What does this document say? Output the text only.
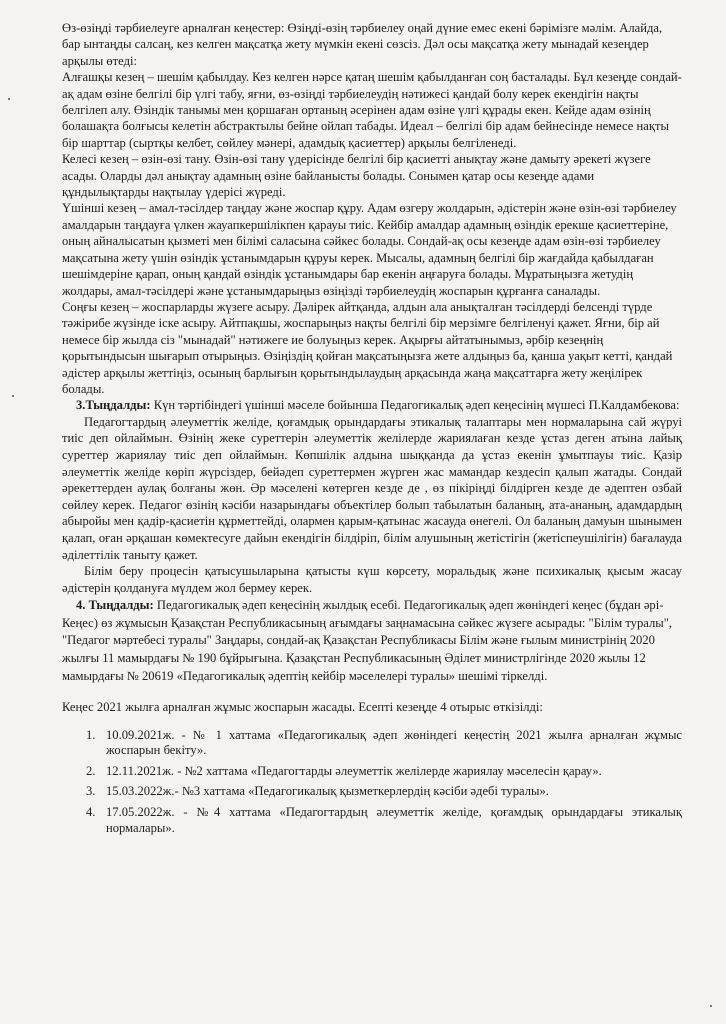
Өз-өзіңді тәрбиелеуге арналған кеңестер: Өзіңді-өзің тәрбиелеу оңай дүние емес екені бәрімізге мәлім. Алайда, бар ынтаңды салсаң, кез келген мақсатқа жету мүмкін екені сөзсіз. Дәл осы мақсатқа жету мынадай кезеңдер арқылы өтеді:

Алғашқы кезең – шешім қабылдау. Кез келген нәрсе қатаң шешім қабылданған соң басталады. Бұл кезеңде сондай-ақ адам өзіне белгілі бір үлгі табу, яғни, өз-өзіңді тәрбиелеудің нәтижесі қандай болу керек екендігін нақты белгілеп алу. Өзіндік танымы мен қоршаған ортаның әсерінен адам өзіне үлгі құрады екен. Кейде адам өзінің болашақта болғысы келетін абстрактылы бейне ойлап табады. Идеал – белгілі бір адам бейнесінде немесе нақты бір шарттар (сыртқы келбет, сөйлеу мәнері, адамдық қасиеттер) арқылы белгіленеді.

Келесі кезең – өзін-өзі тану. Өзін-өзі тану үдерісінде белгілі бір қасиетті анықтау және дамыту әрекеті жүзеге асады. Оларды дәл анықтау адамның өзіне байланысты болады. Сонымен қатар осы кезеңде адами құндылықтарды нақтылау үдерісі жүреді.

Үшінші кезең – амал-тәсілдер таңдау және жоспар құру. Адам өзгеру жолдарын, әдістерін және өзін-өзі тәрбиелеу амалдарын таңдауға үлкен жауапкершілікпен қарауы тиіс. Кейбір амалдар адамның өзіндік ерекше қасиеттеріне, оның айналысатын қызметі мен білімі саласына сәйкес болады. Сондай-ақ осы кезеңде адам өзін-өзі тәрбиелеу мақсатына жету үшін өзіндік ұстанымдарын құруы керек. Мысалы, адамның белгілі бір жағдайда қабылдаған шешімдеріне қарап, оның қандай өзіндік ұстанымдары бар екенін аңғаруға болады. Мұратыңызға жетудің жолдары, амал-тәсілдері және ұстанымдарыңыз өзіңізді тәрбиелеудің жоспарын құрғанға саналады.

Соңғы кезең – жоспарларды жүзеге асыру. Дәлірек айтқанда, алдын ала анықталған тәсілдерді белсенді түрде тәжірибе жүзінде іске асыру. Айтпақшы, жоспарыңыз нақты белгілі бір мерзімге белгіленуі қажет. Яғни, бір ай немесе бір жылда сіз "мынадай" нәтижеге ие болуыңыз керек. Ақырғы айтатынымыз, әрбір кезеңнің қорытындысын шығарып отырыңыз. Өзіңіздің қойған мақсатыңызға жете алдыңыз ба, қанша уақыт кетті, қандай әдістер арқылы жеттіңіз, осының барлығын қорытындылаудың арқасында жаңа мақсаттарға жету жеңілірек болады.

3.Тыңдалды: Күн тәртібіндегі үшінші мәселе бойынша Педагогикалық әдеп кеңесінің мүшесі П.Калдамбекова:

Педагогтардың әлеуметтік желіде, қоғамдық орындардағы этикалық талаптары мен нормаларына сай жүруі тиіс деп ойлаймын. Өзінің жеке суреттерін әлеуметтік желілерде жариялаған кезде ұстаз деген атына лайық суреттер жариялау тиіс деп ойлаймын. Көпшілік алдына шыққанда да ұстаз екенін ұмытпауы тиіс. Қазір әлеуметтік желіде көріп жүрсіздер, бейәдеп суреттермен жүрген жас мамандар кездесіп қалып жатады. Сондай әрекеттерден аулақ болғаны жөн. Әр мәселені көтерген кезде де , өз пікіріңді білдірген кезде де әдептен озбай сөйлеу керек. Педагог өзінің кәсіби назарындағы объектілер болып табылатын баланың, ата-ананың, адамдардың абыройы мен қадір-қасиетін құрметтейді, олармен қарым-қатынас жасауда өнегелі. Ол баланың дамуын шынымен қалап, оған әрқашан көмектесуге дайын екендігін білдіріп, білім алушының жетістігін (жетіспеушілігін) бағалауда әділеттілік таныту қажет.

Білім беру процесін қатысушыларына қатысты күш көрсету, моральдық және психикалық қысым жасау әдістерін қолдануға мүлдем жол бермеу керек.

4. Тыңдалды: Педагогикалық әдеп кеңесінің жылдық есебі. Педагогикалық әдеп жөніндегі кеңес (бұдан әрі-Кеңес) өз жұмысын Қазақстан Республикасының ағымдағы заңнамасына сәйкес жүзеге асырады: "Білім туралы", "Педагог мәртебесі туралы" Заңдары, сондай-ақ Қазақстан Республикасы Білім және ғылым министрінің 2020 жылғы 11 мамырдағы № 190 бұйрығына. Қазақстан Республикасының Әділет министрлігінде 2020 жылы 12 мамырдағы № 20619 «Педагогикалық әдептің кейбір мәселелері туралы» шешімі тіркелді.

Кеңес 2021 жылға арналған жұмыс жоспарын жасады. Есепті кезеңде 4 отырыс өткізілді:

1. 10.09.2021ж. - № 1 хаттама «Педагогикалық әдеп жөніндегі кеңестің 2021 жылға арналған жұмыс жоспарын бекіту».
2. 12.11.2021ж. - №2 хаттама «Педагогтарды әлеуметтік желілерде жариялау мәселесін қарау».
3. 15.03.2022ж.- №3 хаттама «Педагогикалық қызметкерлердің кәсіби әдебі туралы».
4. 17.05.2022ж. - №4 хаттама «Педагогтардың әлеуметтік желіде, қоғамдық орындардағы этикалық нормалары».
